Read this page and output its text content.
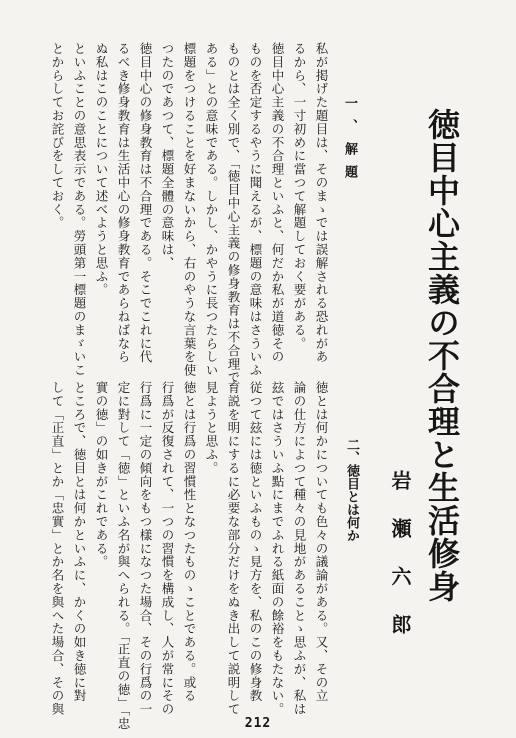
徳目中心主義の不合理と生活修身
岩瀬六郎
二、徳目とは何か
徳とは何かについても色々の議論がある。又、その立
論の仕方によつて種々の見地があることゝ思ふが、私は
玆ではさういふ點にまでふれる紙面の餘裕をもたない。
従つて玆には徳といふものゝ見方を、私のこの修身教
育説を明にするに必要な部分だけをぬき出して説明して
見ようと思ふ。
徳とは行爲の習慣性となつたものゝことである。或る
行爲が反復されて、一つの習慣を構成し、人が常にその
行爲に一定の傾向をもつ樣になつた場合、その行爲の一
定に對して「徳」といふ名が與へられる。「正直の徳」「忠
實の徳」の如きがこれである。
ところで、徳目とは何かといふに、かくの如き徳に對
して「正直」とか「忠實」とか名を與へた場合、その與
一、解題
私が掲げた題目は、そのまゝでは誤解される恐れがあ
るから、一寸初めに當つて解題しておく要がある。
徳目中心主義の不合理といふと、何だか私が道徳その
ものを否定するやうに聞えるが、標題の意味はさういふ
ものとは全く別で、「徳目中心主義の修身教育は不合理で
ある」との意味である。しかし、かやうに長つたらしい
標題をつけることを好まないから、右のやうな言葉を使
つたのであつて、標題全體の意味は、
徳目中心の修身教育は不合理である。そこでこれに代
るべき修身教育は生活中心の修身教育であらねばなら
ぬ私はこのことについて述べようと思ふ。
といふことの意思表示である。勞頭第一標題のまゞいこ
とからしてお詫びをしておく。
212
